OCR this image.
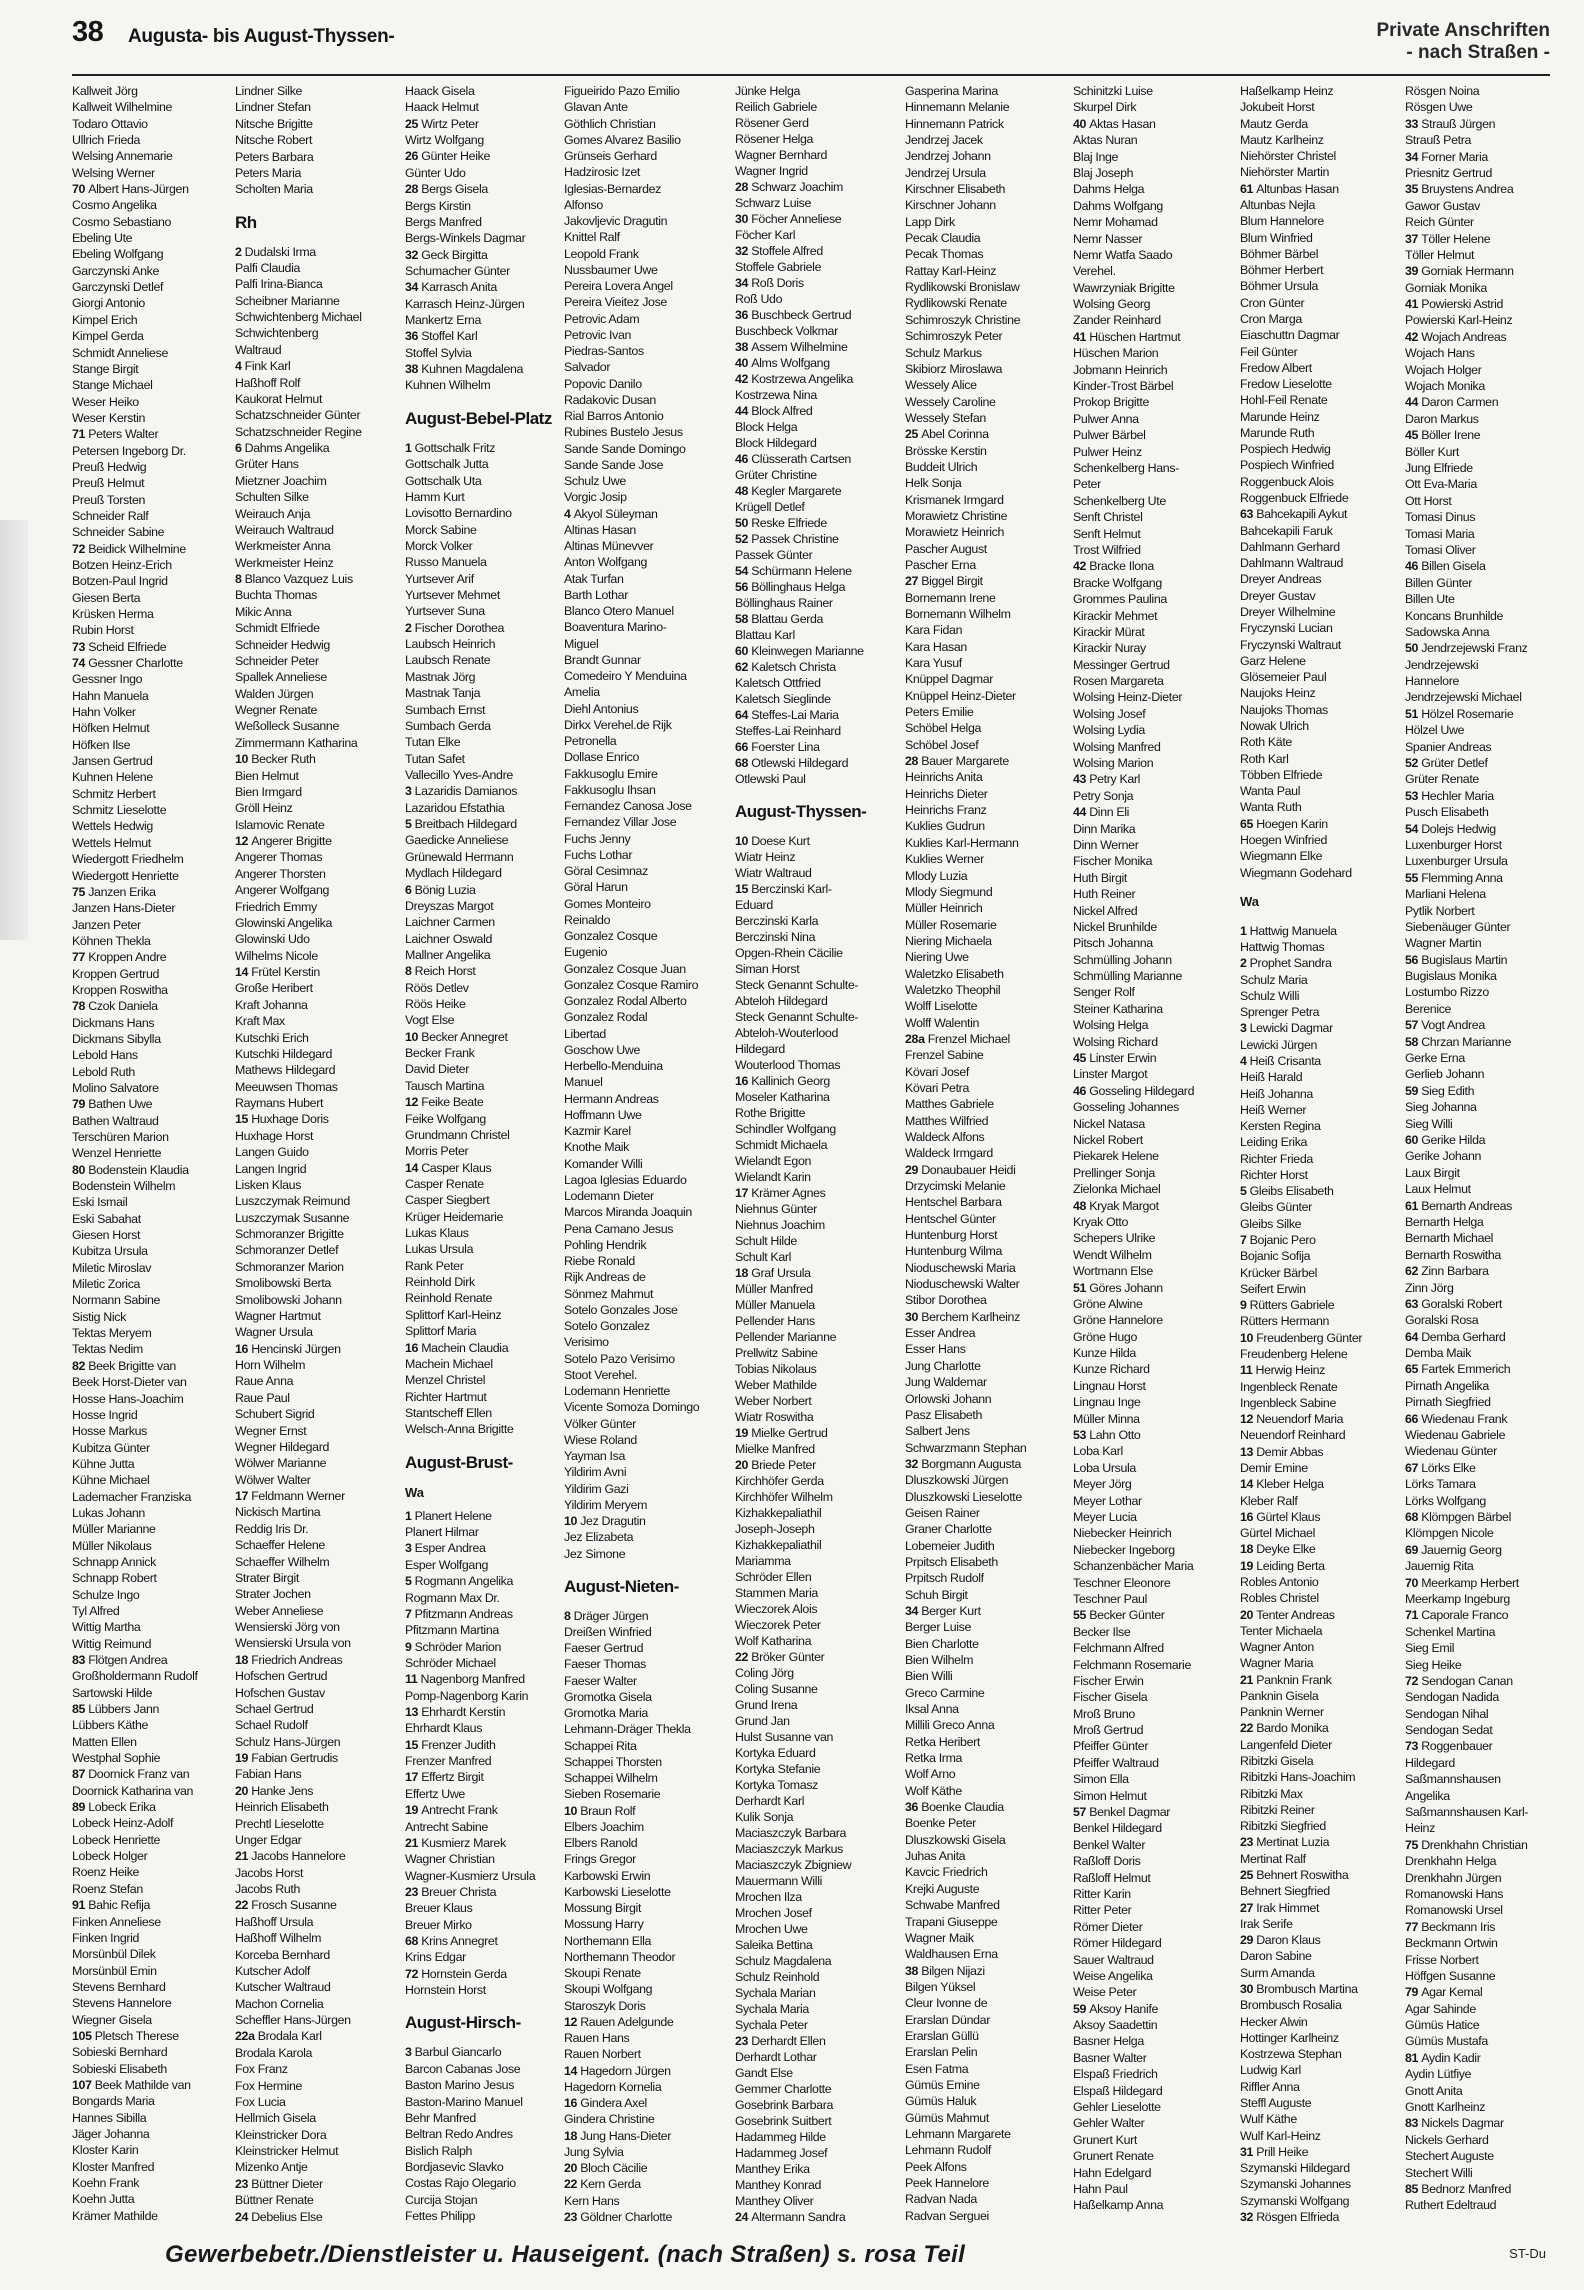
38 Augusta- bis August-Thyssen-	Private Anschriften
- nach Straßen -
Kallweit Jörg
Kallweit Wilhelmine
Todaro Ottavio
Ullrich Frieda
Welsing Annemarie
Welsing Werner
70 Albert Hans-Jürgen
Cosmo Angelika
Cosmo Sebastiano
Ebeling Ute
Ebeling Wolfgang
Garczynski Anke
Garczynski Detlef
Giorgi Antonio
Kimpel Erich
Kimpel Gerda
Schmidt Anneliese
Stange Birgit
Stange Michael
Weser Heiko
Weser Kerstin
71 Peters Walter
Petersen Ingeborg Dr.
Preuß Hedwig
Preuß Helmut
Preuß Torsten
Schneider Ralf
Schneider Sabine
72 Beidick Wilhelmine
Botzen Heinz-Erich
Botzen-Paul Ingrid
Giesen Berta
Krüsken Herma
Rubin Horst
73 Scheid Elfriede
74 Gessner Charlotte
Gessner Ingo
Hahn Manuela
Hahn Volker
Höfken Helmut
Höfken Ilse
Jansen Gertrud
Kuhnen Helene
Schmitz Herbert
Schmitz Lieselotte
Wettels Hedwig
Wettels Helmut
Wiedergott Friedhelm
Wiedergott Henriette
75 Janzen Erika
Janzen Hans-Dieter
Janzen Peter
Köhnen Thekla
77 Kroppen Andre
Kroppen Gertrud
Kroppen Roswitha
78 Czok Daniela
Dickmans Hans
Dickmans Sibylla
Lebold Hans
Lebold Ruth
Molino Salvatore
79 Bathen Uwe
Bathen Waltraud
Terschüren Marion
Wenzel Henriette
80 Bodenstein Klaudia
Bodenstein Wilhelm
Eski Ismail
Eski Sabahat
Giesen Horst
Kubitza Ursula
Miletic Miroslav
Miletic Zorica
Normann Sabine
Sistig Nick
Tektas Meryem
Tektas Nedim
82 Beek Brigitte van
Beek Horst-Dieter van
Hosse Hans-Joachim
Hosse Ingrid
Hosse Markus
Kubitza Günter
Kühne Jutta
Kühne Michael
Lademacher Franziska
Lukas Johann
Müller Marianne
Müller Nikolaus
Schnapp Annick
Schnapp Robert
Schulze Ingo
Tyl Alfred
Wittig Martha
Wittig Reimund
83 Flötgen Andrea
Großholdermann Rudolf
Sartowski Hilde
85 Lübbers Jann
Lübbers Käthe
Matten Ellen
Westphal Sophie
87 Doornick Franz van
Doornick Katharina van
89 Lobeck Erika
Lobeck Heinz-Adolf
Lobeck Henriette
Lobeck Holger
Roenz Heike
Roenz Stefan
91 Bahic Refija
Finken Anneliese
Finken Ingrid
Morsünbül Dilek
Morsünbül Emin
Stevens Bernhard
Stevens Hannelore
Wiegner Gisela
105 Pletsch Therese
Sobieski Bernhard
Sobieski Elisabeth
107 Beek Mathilde van
Bongards Maria
Hannes Sibilla
Jäger Johanna
Kloster Karin
Kloster Manfred
Koehn Frank
Koehn Jutta
Krämer Mathilde
Lindner Silke
Lindner Stefan
Nitsche Brigitte
Nitsche Robert
Peters Barbara
Peters Maria
Scholten Maria
Rh
2 Dudalski Irma
Palfi Claudia
Palfi Irina-Bianca
Scheibner Marianne
Schwichtenberg Michael
Schwichtenberg
Waltraud
4 Fink Karl
Haßhoff Rolf
Kaukorat Helmut
Schatzschneider Günter
Schatzschneider Regine
6 Dahms Angelika
Grüter Hans
Mietzner Joachim
Schulten Silke
Weirauch Anja
Weirauch Waltraud
Werkmeister Anna
Werkmeister Heinz
8 Blanco Vazquez Luis
Buchta Thomas
Mikic Anna
Schmidt Elfriede
Schneider Hedwig
Schneider Peter
Spallek Anneliese
Walden Jürgen
Wegner Renate
Weßolleck Susanne
Zimmermann Katharina
10 Becker Ruth
Bien Helmut
Bien Irmgard
Gröll Heinz
Islamovic Renate
12 Angerer Brigitte
Angerer Thomas
Angerer Thorsten
Angerer Wolfgang
Friedrich Emmy
Glowinski Angelika
Glowinski Udo
Wilhelms Nicole
14 Frütel Kerstin
Große Heribert
Kraft Johanna
Kraft Max
Kutschki Erich
Kutschki Hildegard
Mathews Hildegard
Meeuwsen Thomas
Raymans Hubert
15 Huxhage Doris
Huxhage Horst
Langen Guido
Langen Ingrid
Lisken Klaus
Luszczymak Reimund
Luszczymak Susanne
Schmoranzer Brigitte
Schmoranzer Detlef
Schmoranzer Marion
Smolibowski Berta
Smolibowski Johann
Wagner Hartmut
Wagner Ursula
16 Hencinski Jürgen
Horn Wilhelm
Raue Anna
Raue Paul
Schubert Sigrid
Wegner Ernst
Wegner Hildegard
Wölwer Marianne
Wölwer Walter
17 Feldmann Werner
Nickisch Martina
Reddig Iris Dr.
Schaeffer Helene
Schaeffer Wilhelm
Strater Birgit
Strater Jochen
Weber Anneliese
Wensierski Jörg von
Wensierski Ursula von
18 Friedrich Andreas
Hofschen Gertrud
Hofschen Gustav
Schael Gertrud
Schael Rudolf
Schulz Hans-Jürgen
19 Fabian Gertrudis
Fabian Hans
20 Hanke Jens
Heinrich Elisabeth
Prechtl Lieselotte
Unger Edgar
21 Jacobs Hannelore
Jacobs Horst
Jacobs Ruth
22 Frosch Susanne
Haßhoff Ursula
Haßhoff Wilhelm
Korceba Bernhard
Kutscher Adolf
Kutscher Waltraud
Machon Cornelia
Scheffler Hans-Jürgen
22a Brodala Karl
Brodala Karola
Fox Franz
Fox Hermine
Fox Lucia
Hellmich Gisela
Kleinstricker Dora
Kleinstricker Helmut
Mizenko Antje
23 Büttner Dieter
Büttner Renate
24 Debelius Else
Haack Gisela
Haack Helmut
25 Wirtz Peter
Wirtz Wolfgang
26 Günter Heike
Günter Udo
28 Bergs Gisela
Bergs Kirstin
Bergs Manfred
Bergs-Winkels Dagmar
32 Geck Birgitta
Schumacher Günter
34 Karrasch Anita
Karrasch Heinz-Jürgen
Mankertz Erna
36 Stoffel Karl
Stoffel Sylvia
38 Kuhnen Magdalena
Kuhnen Wilhelm
August-Bebel-Platz
1 Gottschalk Fritz
Gottschalk Jutta
Gottschalk Uta
Hamm Kurt
Lovisotto Bernardino
Morck Sabine
Morck Volker
Russo Manuela
Yurtsever Arif
Yurtsever Mehmet
Yurtsever Suna
2 Fischer Dorothea
Laubsch Heinrich
Laubsch Renate
Mastnak Jörg
Mastnak Tanja
Sumbach Ernst
Sumbach Gerda
Tutan Elke
Tutan Safet
Vallecillo Yves-Andre
3 Lazaridis Damianos
Lazaridou Efstathia
5 Breitbach Hildegard
Gaedicke Anneliese
Grünewald Hermann
Mydlach Hildegard
6 Bönig Luzia
Dreyszas Margot
Laichner Carmen
Laichner Oswald
Mallner Angelika
8 Reich Horst
Röös Detlev
Röös Heike
Vogt Else
10 Becker Annegret
Becker Frank
David Dieter
Tausch Martina
12 Feike Beate
Feike Wolfgang
Grundmann Christel
Morris Peter
14 Casper Klaus
Casper Renate
Casper Siegbert
Krüger Heidemarie
Lukas Klaus
Lukas Ursula
Rank Peter
Reinhold Dirk
Reinhold Renate
Splittorf Karl-Heinz
Splittorf Maria
16 Machein Claudia
Machein Michael
Menzel Christel
Richter Hartmut
Stantscheff Ellen
Welsch-Anna Brigitte
August-Brust-
Wa
1 Planert Helene
Planert Hilmar
3 Esper Andrea
Esper Wolfgang
5 Rogmann Angelika
Rogmann Max Dr.
7 Pfitzmann Andreas
Pfitzmann Martina
9 Schröder Marion
Schröder Michael
11 Nagenborg Manfred
Pomp-Nagenborg Karin
13 Ehrhardt Kerstin
Ehrhardt Klaus
15 Frenzer Judith
Frenzer Manfred
17 Effertz Birgit
Effertz Uwe
19 Antrecht Frank
Antrecht Sabine
21 Kusmierz Marek
Wagner Christian
Wagner-Kusmierz Ursula
23 Breuer Christa
Breuer Klaus
Breuer Mirko
68 Krins Annegret
Krins Edgar
72 Hornstein Gerda
Hornstein Horst
August-Hirsch-
3 Barbul Giancarlo
Barcon Cabanas Jose
Baston Marino Jesus
Baston-Marino Manuel
Behr Manfred
Beltran Redo Andres
Bislich Ralph
Bordjasevic Slavko
Costas Rajo Olegario
Curcija Stojan
Fettes Philipp
Figueirido Pazo Emilio
Glavan Ante
Göthlich Christian
Gomes Alvarez Basilio
Grünseis Gerhard
Hadzirosic Izet
Iglesias-Bernardez
Alfonso
Jakovljevic Dragutin
Knittel Ralf
Leopold Frank
Nussbaumer Uwe
Pereira Lovera Angel
Pereira Vieitez Jose
Petrovic Adam
Petrovic Ivan
Piedras-Santos
Salvador
Popovic Danilo
Radakovic Dusan
Rial Barros Antonio
Rubines Bustelo Jesus
Sande Sande Domingo
Sande Sande Jose
Schulz Uwe
Vorgic Josip
4 Akyol Süleyman
Altinas Hasan
Altinas Münevver
Anton Wolfgang
Atak Turfan
Barth Lothar
Blanco Otero Manuel
Boaventura Marino-
Miguel
Brandt Gunnar
Comedeiro Y Menduina
Amelia
Diehl Antonius
Dirkx Verehel.de Rijk
Petronella
Dollase Enrico
Fakkusoglu Emire
Fakkusoglu Ihsan
Fernandez Canosa Jose
Fernandez Villar Jose
Fuchs Jenny
Fuchs Lothar
Göral Cesimnaz
Göral Harun
Gomes Monteiro
Reinaldo
Gonzalez Cosque
Eugenio
Gonzalez Cosque Juan
Gonzalez Cosque Ramiro
Gonzalez Rodal Alberto
Gonzalez Rodal
Libertad
Goschow Uwe
Herbello-Menduina
Manuel
Hermann Andreas
Hoffmann Uwe
Kazmir Karel
Knothe Maik
Komander Willi
Lagoa Iglesias Eduardo
Lodemann Dieter
Marcos Miranda Joaquin
Pena Camano Jesus
Pohling Hendrik
Riebe Ronald
Rijk Andreas de
Sönmez Mahmut
Sotelo Gonzales Jose
Sotelo Gonzalez
Verisimo
Sotelo Pazo Verisimo
Stoot Verehel.
Lodemann Henriette
Vicente Somoza Domingo
Völker Günter
Wiese Roland
Yayman Isa
Yildirim Avni
Yildirim Gazi
Yildirim Meryem
10 Jez Dragutin
Jez Elizabeta
Jez Simone
August-Nieten-
8 Dräger Jürgen
Dreißen Winfried
Faeser Gertrud
Faeser Thomas
Faeser Walter
Gromotka Gisela
Gromotka Maria
Lehmann-Dräger Thekla
Schappei Rita
Schappei Thorsten
Schappei Wilhelm
Sieben Rosemarie
10 Braun Rolf
Elbers Joachim
Elbers Ranold
Frings Gregor
Karbowski Erwin
Karbowski Lieselotte
Mossung Birgit
Mossung Harry
Northemann Ella
Northemann Theodor
Skoupi Renate
Skoupi Wolfgang
Staroszyk Doris
12 Rauen Adelgunde
Rauen Hans
Rauen Norbert
14 Hagedorn Jürgen
Hagedorn Kornelia
16 Gindera Axel
Gindera Christine
18 Jung Hans-Dieter
Jung Sylvia
20 Bloch Cäcilie
22 Kern Gerda
Kern Hans
23 Göldner Charlotte
Jünke Helga
Reilich Gabriele
Rösener Gerd
Rösener Helga
Wagner Bernhard
Wagner Ingrid
28 Schwarz Joachim
Schwarz Luise
30 Föcher Anneliese
Föcher Karl
32 Stoffele Alfred
Stoffele Gabriele
34 Roß Doris
Roß Udo
36 Buschbeck Gertrud
Buschbeck Volkmar
38 Assem Wilhelmine
40 Alms Wolfgang
42 Kostrzewa Angelika
Kostrzewa Nina
44 Block Alfred
Block Helga
Block Hildegard
46 Clüsserath Cartsen
Grüter Christine
48 Kegler Margarete
Krügell Detlef
50 Reske Elfriede
52 Passek Christine
Passek Günter
54 Schürmann Helene
56 Böllinghaus Helga
Böllinghaus Rainer
58 Blattau Gerda
Blattau Karl
60 Kleinwegen Marianne
62 Kaletsch Christa
Kaletsch Ottfried
Kaletsch Sieglinde
64 Steffes-Lai Maria
Steffes-Lai Reinhard
66 Foerster Lina
68 Otlewski Hildegard
Otlewski Paul
August-Thyssen-
10 Doese Kurt
Wiatr Heinz
Wiatr Waltraud
15 Berczinski Karl-
Eduard
Berczinski Karla
Berczinski Nina
Opgen-Rhein Cäcilie
Siman Horst
Steck Genannt Schulte-
Abteloh Hildegard
Steck Genannt Schulte-
Abteloh-Wouterlood
Hildegard
Wouterlood Thomas
16 Kallinich Georg
Moseler Katharina
Rothe Brigitte
Schindler Wolfgang
Schmidt Michaela
Wielandt Egon
Wielandt Karin
17 Krämer Agnes
Niehnus Günter
Niehnus Joachim
Schult Hilde
Schult Karl
18 Graf Ursula
Müller Manfred
Müller Manuela
Pellender Hans
Pellender Marianne
Prellwitz Sabine
Tobias Nikolaus
Weber Mathilde
Weber Norbert
Wiatr Roswitha
19 Mielke Gertrud
Mielke Manfred
20 Briede Peter
Kirchhöfer Gerda
Kirchhöfer Wilhelm
Kizhakkepaliathil
Joseph-Joseph
Kizhakkepaliathil
Mariamma
Schröder Ellen
Stammen Maria
Wieczorek Alois
Wieczorek Peter
Wolf Katharina
22 Bröker Günter
Coling Jörg
Coling Susanne
Grund Irena
Grund Jan
Hulst Susanne van
Kortyka Eduard
Kortyka Stefanie
Kortyka Tomasz
Derhardt Karl
Kulik Sonja
Maciaszczyk Barbara
Maciaszczyk Markus
Maciaszczyk Zbigniew
Mauermann Willi
Mrochen Ilza
Mrochen Josef
Mrochen Uwe
Saleika Bettina
Schulz Magdalena
Schulz Reinhold
Sychala Marian
Sychala Maria
Sychala Peter
23 Derhardt Ellen
Derhardt Lothar
Gandt Else
Gemmer Charlotte
Gosebrink Barbara
Gosebrink Suitbert
Hadammeg Hilde
Hadammeg Josef
Manthey Erika
Manthey Konrad
Manthey Oliver
24 Altermann Sandra
Gasperina Marina
Hinnemann Melanie
Hinnemann Patrick
Jendrzej Jacek
Jendrzej Johann
Jendrzej Ursula
Kirschner Elisabeth
Kirschner Johann
Lapp Dirk
Pecak Claudia
Pecak Thomas
Rattay Karl-Heinz
Rydlikowski Bronislaw
Rydlikowski Renate
Schimroszyk Christine
Schimroszyk Peter
Schulz Markus
Skibiorz Miroslawa
Wessely Alice
Wessely Caroline
Wessely Stefan
25 Abel Corinna
Brösske Kerstin
Buddeit Ulrich
Helk Sonja
Krismanek Irmgard
Morawietz Christine
Morawietz Heinrich
Pascher August
Pascher Erna
27 Biggel Birgit
Bornemann Irene
Bornemann Wilhelm
Kara Fidan
Kara Hasan
Kara Yusuf
Knüppel Dagmar
Knüppel Heinz-Dieter
Peters Emilie
Schöbel Helga
Schöbel Josef
28 Bauer Margarete
Heinrichs Anita
Heinrichs Dieter
Heinrichs Franz
Kuklies Gudrun
Kuklies Karl-Hermann
Kuklies Werner
Mlody Luzia
Mlody Siegmund
Müller Heinrich
Müller Rosemarie
Niering Michaela
Niering Uwe
Waletzko Elisabeth
Waletzko Theophil
Wolff Liselotte
Wolff Walentin
28a Frenzel Michael
Frenzel Sabine
Kövari Josef
Kövari Petra
Matthes Gabriele
Matthes Wilfried
Waldeck Alfons
Waldeck Irmgard
29 Donaubauer Heidi
Drzycimski Melanie
Hentschel Barbara
Hentschel Günter
Huntenburg Horst
Huntenburg Wilma
Nioduschewski Maria
Nioduschewski Walter
Stibor Dorothea
30 Berchem Karlheinz
Esser Andrea
Esser Hans
Jung Charlotte
Jung Waldemar
Orlowski Johann
Pasz Elisabeth
Salbert Jens
Schwarzmann Stephan
32 Borgmann Augusta
Dluszkowski Jürgen
Dluszkowski Lieselotte
Geisen Rainer
Graner Charlotte
Lobemeier Judith
Prpitsch Elisabeth
Prpitsch Rudolf
Schuh Birgit
34 Berger Kurt
Berger Luise
Bien Charlotte
Bien Wilhelm
Bien Willi
Greco Carmine
Iksal Anna
Millili Greco Anna
Retka Heribert
Retka Irma
Wolf Arno
Wolf Käthe
36 Boenke Claudia
Boenke Peter
Dluszkowski Gisela
Juhas Anita
Kavcic Friedrich
Krejki Auguste
Schwabe Manfred
Trapani Giuseppe
Wagner Maik
Waldhausen Erna
38 Bilgen Nijazi
Bilgen Yüksel
Cleur Ivonne de
Erarslan Dündar
Erarslan Güllü
Erarslan Pelin
Esen Fatma
Gümüs Emine
Gümüs Haluk
Gümüs Mahmut
Lehmann Margarete
Lehmann Rudolf
Peek Alfons
Peek Hannelore
Radvan Nada
Radvan Serguei
Schinitzki Luise
Skurpel Dirk
40 Aktas Hasan
Aktas Nuran
Blaj Inge
Blaj Joseph
Dahms Helga
Dahms Wolfgang
Nemr Mohamad
Nemr Nasser
Nemr Watfa Saado
Verehel.
Wawrzyniak Brigitte
Wolsing Georg
Zander Reinhard
41 Hüschen Hartmut
Hüschen Marion
Jobmann Heinrich
Kinder-Trost Bärbel
Prokop Brigitte
Pulwer Anna
Pulwer Bärbel
Pulwer Heinz
Schenkelberg Hans-
Peter
Schenkelberg Ute
Senft Christel
Senft Helmut
Trost Wilfried
42 Bracke Ilona
Bracke Wolfgang
Grommes Paulina
Kirackir Mehmet
Kirackir Mürat
Kirackir Nuray
Messinger Gertrud
Rosen Margareta
Wolsing Heinz-Dieter
Wolsing Josef
Wolsing Lydia
Wolsing Manfred
Wolsing Marion
43 Petry Karl
Petry Sonja
44 Dinn Eli
Dinn Marika
Dinn Werner
Fischer Monika
Huth Birgit
Huth Reiner
Nickel Alfred
Nickel Brunhilde
Pitsch Johanna
Schmülling Johann
Schmülling Marianne
Senger Rolf
Steiner Katharina
Wolsing Helga
Wolsing Richard
45 Linster Erwin
Linster Margot
46 Gosseling Hildegard
Gosseling Johannes
Nickel Natasa
Nickel Robert
Piekarek Helene
Prellinger Sonja
Zielonka Michael
48 Kryak Margot
Kryak Otto
Schepers Ulrike
Wendt Wilhelm
Wortmann Else
51 Göres Johann
Gröne Alwine
Gröne Hannelore
Gröne Hugo
Kunze Hilda
Kunze Richard
Lingnau Horst
Lingnau Inge
Müller Minna
53 Lahn Otto
Loba Karl
Loba Ursula
Meyer Jörg
Meyer Lothar
Meyer Lucia
Niebecker Heinrich
Niebecker Ingeborg
Schanzenbächer Maria
Teschner Eleonore
Teschner Paul
55 Becker Günter
Becker Ilse
Felchmann Alfred
Felchmann Rosemarie
Fischer Erwin
Fischer Gisela
Mroß Bruno
Mroß Gertrud
Pfeiffer Günter
Pfeiffer Waltraud
Simon Ella
Simon Helmut
57 Benkel Dagmar
Benkel Hildegard
Benkel Walter
Raßloff Doris
Raßloff Helmut
Ritter Karin
Ritter Peter
Römer Dieter
Römer Hildegard
Sauer Waltraud
Weise Angelika
Weise Peter
59 Aksoy Hanife
Aksoy Saadettin
Basner Helga
Basner Walter
Elspaß Friedrich
Elspaß Hildegard
Gehler Lieselotte
Gehler Walter
Grunert Kurt
Grunert Renate
Hahn Edelgard
Hahn Paul
Haßelkamp Anna
Haßelkamp Heinz
Jokubeit Horst
Mautz Gerda
Mautz Karlheinz
Niehörster Christel
Niehörster Martin
61 Altunbas Hasan
Altunbas Nejla
Blum Hannelore
Blum Winfried
Böhmer Bärbel
Böhmer Herbert
Böhmer Ursula
Cron Günter
Cron Marga
Eiaschuttn Dagmar
Feil Günter
Fredow Albert
Fredow Lieselotte
Hohl-Feil Renate
Marunde Heinz
Marunde Ruth
Pospiech Hedwig
Pospiech Winfried
Roggenbuck Alois
Roggenbuck Elfriede
63 Bahcekapili Aykut
Bahcekapili Faruk
Dahlmann Gerhard
Dahlmann Waltraud
Dreyer Andreas
Dreyer Gustav
Dreyer Wilhelmine
Fryczynski Lucian
Fryczynski Waltraut
Garz Helene
Glösemeier Paul
Naujoks Heinz
Naujoks Thomas
Nowak Ulrich
Roth Käte
Roth Karl
Többen Elfriede
Wanta Paul
Wanta Ruth
65 Hoegen Karin
Hoegen Winfried
Wiegmann Elke
Wiegmann Godehard
Wa
1 Hattwig Manuela
Hattwig Thomas
2 Prophet Sandra
Schulz Maria
Schulz Willi
Sprenger Petra
3 Lewicki Dagmar
Lewicki Jürgen
4 Heiß Crisanta
Heiß Harald
Heiß Johanna
Heiß Werner
Kersten Regina
Leiding Erika
Richter Frieda
Richter Horst
5 Gleibs Elisabeth
Gleibs Günter
Gleibs Silke
7 Bojanic Pero
Bojanic Sofija
Krücker Bärbel
Seifert Erwin
9 Rütters Gabriele
Rütters Hermann
10 Freudenberg Günter
Freudenberg Helene
11 Herwig Heinz
Ingenbleck Renate
Ingenbleck Sabine
12 Neuendorf Maria
Neuendorf Reinhard
13 Demir Abbas
Demir Emine
14 Kleber Helga
Kleber Ralf
16 Gürtel Klaus
Gürtel Michael
18 Deyke Elke
19 Leiding Berta
Robles Antonio
Robles Christel
20 Tenter Andreas
Tenter Michaela
Wagner Anton
Wagner Maria
21 Panknin Frank
Panknin Gisela
Panknin Werner
22 Bardo Monika
Langenfeld Dieter
Ribitzki Gisela
Ribitzki Hans-Joachim
Ribitzki Max
Ribitzki Reiner
Ribitzki Siegfried
23 Mertinat Luzia
Mertinat Ralf
25 Behnert Roswitha
Behnert Siegfried
27 Irak Himmet
Irak Serife
29 Daron Klaus
Daron Sabine
Surm Amanda
30 Brombusch Martina
Brombusch Rosalia
Hecker Alwin
Hottinger Karlheinz
Kostrzewa Stephan
Ludwig Karl
Riffler Anna
Steffl Auguste
Wulf Käthe
Wulf Karl-Heinz
31 Prill Heike
Szymanski Hildegard
Szymanski Johannes
Szymanski Wolfgang
32 Rösgen Elfrieda
Rösgen Noina
Rösgen Uwe
33 Strauß Jürgen
Strauß Petra
34 Forner Maria
Priesnitz Gertrud
35 Bruystens Andrea
Gawor Gustav
Reich Günter
37 Töller Helene
Töller Helmut
39 Gorniak Hermann
Gorniak Monika
41 Powierski Astrid
Powierski Karl-Heinz
42 Wojach Andreas
Wojach Hans
Wojach Holger
Wojach Monika
44 Daron Carmen
Daron Markus
45 Böller Irene
Böller Kurt
Jung Elfriede
Ott Eva-Maria
Ott Horst
Tomasi Dinus
Tomasi Maria
Tomasi Oliver
46 Billen Gisela
Billen Günter
Billen Ute
Koncans Brunhilde
Sadowska Anna
50 Jendrzejewski Franz
Jendrzejewski
Hannelore
Jendrzejewski Michael
51 Hölzel Rosemarie
Hölzel Uwe
Spanier Andreas
52 Grüter Detlef
Grüter Renate
53 Hechler Maria
Pusch Elisabeth
54 Dolejs Hedwig
Luxenburger Horst
Luxenburger Ursula
55 Flemming Anna
Marliani Helena
Pytlik Norbert
Siebenäuger Günter
Wagner Martin
56 Bugislaus Martin
Bugislaus Monika
Lostumbo Rizzo
Berenice
57 Vogt Andrea
58 Chrzan Marianne
Gerke Erna
Gerlieb Johann
59 Sieg Edith
Sieg Johanna
Sieg Willi
60 Gerike Hilda
Gerike Johann
Laux Birgit
Laux Helmut
61 Bernarth Andreas
Bernarth Helga
Bernarth Michael
Bernarth Roswitha
62 Zinn Barbara
Zinn Jörg
63 Goralski Robert
Goralski Rosa
64 Demba Gerhard
Demba Maik
65 Fartek Emmerich
Pirnath Angelika
Pirnath Siegfried
66 Wiedenau Frank
Wiedenau Gabriele
Wiedenau Günter
67 Lörks Elke
Lörks Tamara
Lörks Wolfgang
68 Klömpgen Bärbel
Klömpgen Nicole
69 Jauernig Georg
Jauernig Rita
70 Meerkamp Herbert
Meerkamp Ingeburg
71 Caporale Franco
Schenkel Martina
Sieg Emil
Sieg Heike
72 Sendogan Canan
Sendogan Nadida
Sendogan Nihal
Sendogan Sedat
73 Roggenbauer
Hildegard
Saßmannshausen
Angelika
Saßmannshausen Karl-
Heinz
75 Drenkhahn Christian
Drenkhahn Helga
Drenkhahn Jürgen
Romanowski Hans
Romanowski Ursel
77 Beckmann Iris
Beckmann Ortwin
Frisse Norbert
Höffgen Susanne
79 Agar Kemal
Agar Sahinde
Gümüs Hatice
Gümüs Mustafa
81 Aydin Kadir
Aydin Lütfiye
Gnott Anita
Gnott Karlheinz
83 Nickels Dagmar
Nickels Gerhard
Stechert Auguste
Stechert Willi
85 Bednorz Manfred
Ruthert Edeltraud
Gewerbebetr./Dienstleister u. Hauseigent. (nach Straßen) s. rosa Teil	ST-Du
